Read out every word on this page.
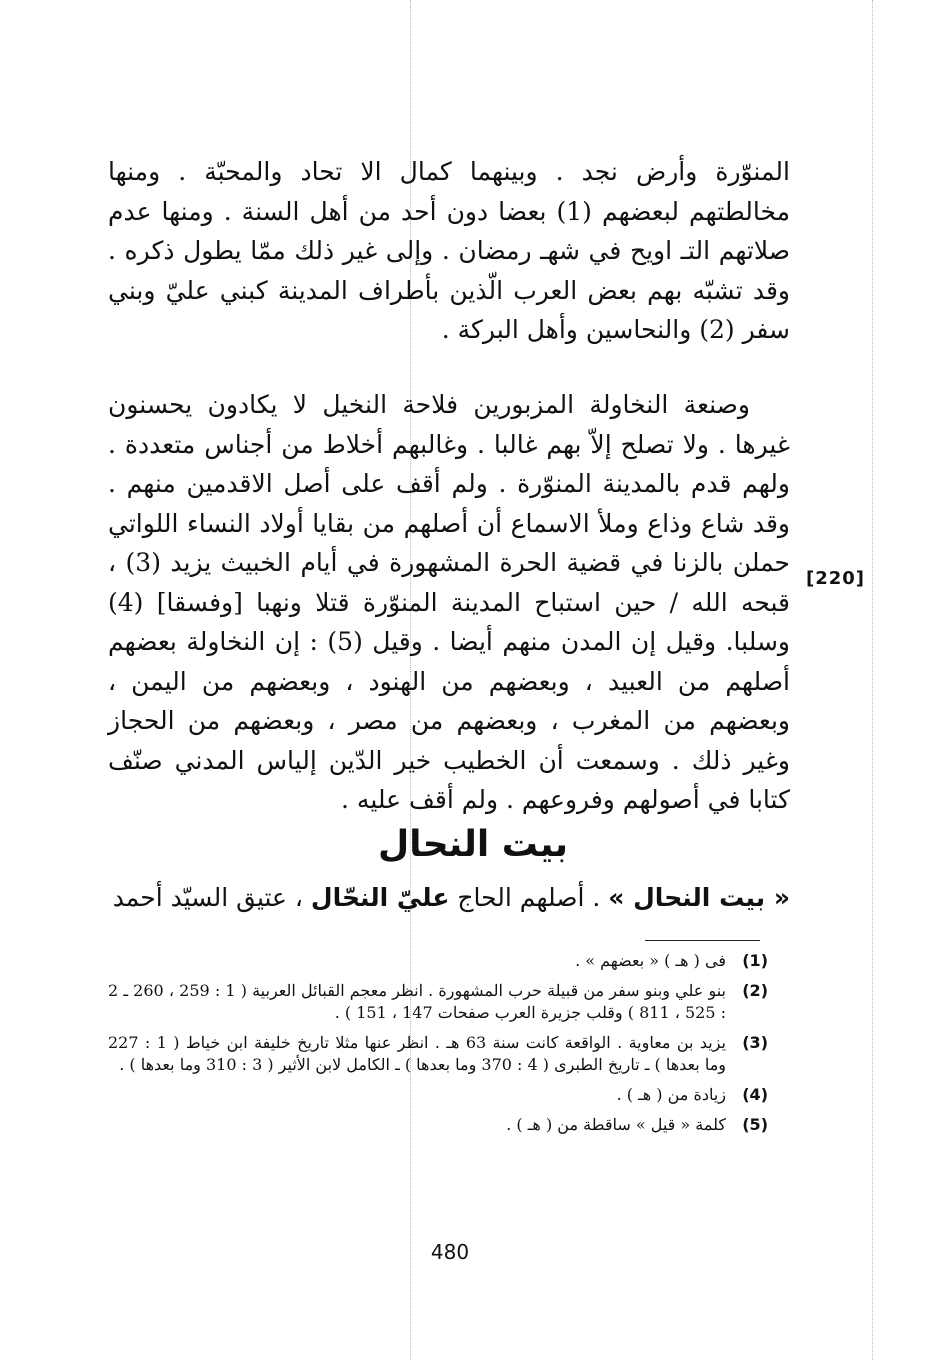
المنوّرة وأرض نجد . وبينهما كمال الا تحاد والمحبّة . ومنها مخالطتهم لبعضهم (1) بعضا دون أحد من أهل السنة . ومنها عدم صلاتهم التـ اويح في شهـ رمضان . وإلى غير ذلك ممّا يطول ذكره . وقد تشبّه بهم بعض العرب الّذين بأطراف المدينة كبني عليّ وبني سفر (2) والنحاسين وأهل البركة .

وصنعة النخاولة المزبورين فلاحة النخيل لا يكادون يحسنون غيرها . ولا تصلح إلاّ بهم غالبا . وغالبهم أخلاط من أجناس متعددة . ولهم قدم بالمدينة المنوّرة . ولم أقف على أصل الاقدمين منهم . وقد شاع وذاع وملأ الاسماع أن أصلهم من بقايا أولاد النساء اللواتي حملن بالزنا في قضية الحرة المشهورة في أيام الخبيث يزيد (3) ، قبحه الله / حين استباح المدينة المنوّرة قتلا ونهبا [وفسقا] (4) وسلبا. وقيل إن المدن منهم أيضا . وقيل (5) : إن النخاولة بعضهم أصلهم من العبيد ، وبعضهم من الهنود ، وبعضهم من اليمن ، وبعضهم من المغرب ، وبعضهم من مصر ، وبعضهم من الحجاز وغير ذلك . وسمعت أن الخطيب خير الدّين إلياس المدني صنّف كتابا في أصولهم وفروعهم . ولم أقف عليه .

[220]
بيت النحال
« بيت النحال » . أصلهم الحاج عليّ النحّال ، عتيق السيّد أحمد
(1)
فى ( هـ ) « بعضهم » .
(2)
بنو علي وبنو سفر من قبيلة حرب المشهورة . انظر معجم القبائل العربية ( 1 : 259 ، 260 ـ 2 : 525 ، 811 ) وقلب جزيرة العرب صفحات 147 ، 151 ) .
(3)
يزيد بن معاوية . الواقعة كانت سنة 63 هـ . انظر عنها مثلا تاريخ خليفة ابن خياط ( 1 : 227 وما بعدها ) ـ تاريخ الطبرى ( 4 : 370 وما بعدها ) ـ الكامل لابن الأثير ( 3 : 310 وما بعدها ) .
(4)
زيادة من ( هـ ) .
(5)
كلمة « قيل » ساقطة من ( هـ ) .
480
